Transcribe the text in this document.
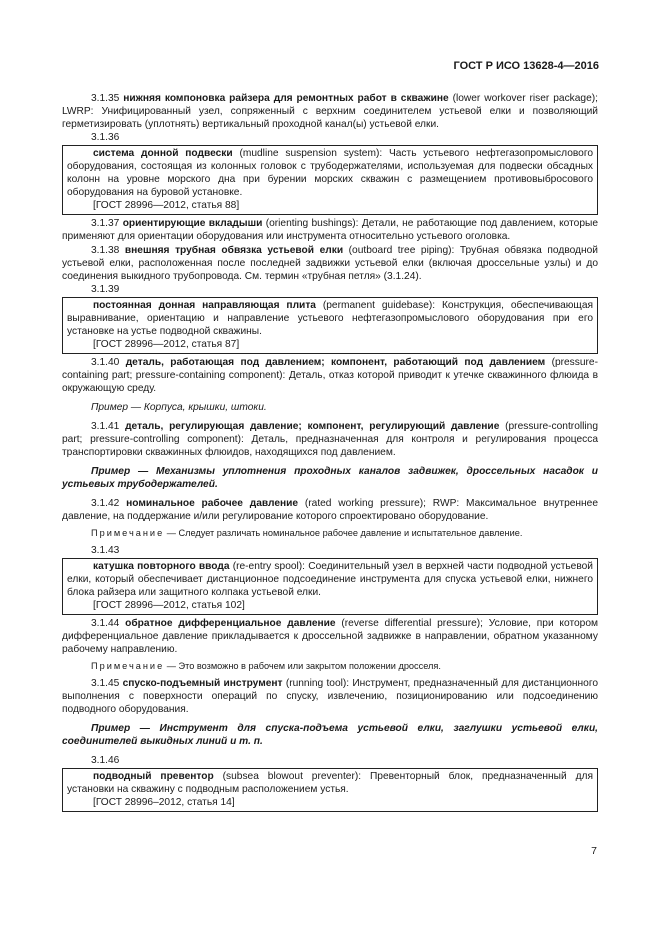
ГОСТ Р ИСО 13628-4—2016

3.1.35 нижняя компоновка райзера для ремонтных работ в скважине (lower workover riser package); LWRP: Унифицированный узел, сопряженный с верхним соединителем устьевой елки и позволяющий герметизировать (уплотнять) вертикальный проходной канал(ы) устьевой елки.

3.1.36

система донной подвески (mudline suspension system): Часть устьевого нефтегазопромыслового оборудования, состоящая из колонных головок с трубодержателями, используемая для подвески обсадных колонн на уровне морского дна при бурении морских скважин с размещением противовыбросового оборудования на буровой установке.

[ГОСТ 28996—2012, статья 88]

3.1.37 ориентирующие вкладыши (orienting bushings): Детали, не работающие под давлением, которые применяют для ориентации оборудования или инструмента относительно устьевого оголовка.

3.1.38 внешняя трубная обвязка устьевой елки (outboard tree piping): Трубная обвязка подводной устьевой елки, расположенная после последней задвижки устьевой елки (включая дроссельные узлы) и до соединения выкидного трубопровода. См. термин «трубная петля» (3.1.24).

3.1.39

постоянная донная направляющая плита (permanent guidebase): Конструкция, обеспечивающая выравнивание, ориентацию и направление устьевого нефтегазопромыслового оборудования при его установке на устье подводной скважины.

[ГОСТ 28996—2012, статья 87]

3.1.40 деталь, работающая под давлением; компонент, работающий под давлением (pressure-containing part; pressure-containing component): Деталь, отказ которой приводит к утечке скважинного флюида в окружающую среду.

Пример — Корпуса, крышки, штоки.

3.1.41 деталь, регулирующая давление; компонент, регулирующий давление (pressure-controlling part; pressure-controlling component): Деталь, предназначенная для контроля и регулирования процесса транспортировки скважинных флюидов, находящихся под давлением.

Пример — Механизмы уплотнения проходных каналов задвижек, дроссельных насадок и устьевых трубодержателей.

3.1.42 номинальное рабочее давление (rated working pressure); RWP: Максимальное внутреннее давление, на поддержание и/или регулирование которого спроектировано оборудование.

Примечание — Следует различать номинальное рабочее давление и испытательное давление.

3.1.43

катушка повторного ввода (re-entry spool): Соединительный узел в верхней части подводной устьевой елки, который обеспечивает дистанционное подсоединение инструмента для спуска устьевой елки, нижнего блока райзера или защитного колпака устьевой елки.

[ГОСТ 28996—2012, статья 102]

3.1.44 обратное дифференциальное давление (reverse differential pressure); Условие, при котором дифференциальное давление прикладывается к дроссельной задвижке в направлении, обратном указанному рабочему направлению.

Примечание — Это возможно в рабочем или закрытом положении дросселя.

3.1.45 спуско-подъемный инструмент (running tool): Инструмент, предназначенный для дистанционного выполнения с поверхности операций по спуску, извлечению, позиционированию или подсоединению подводного оборудования.

Пример — Инструмент для спуска-подъема устьевой елки, заглушки устьевой елки, соединителей выкидных линий и т. п.

3.1.46

подводный превентор (subsea blowout preventer): Превенторный блок, предназначенный для установки на скважину с подводным расположением устья.

[ГОСТ 28996–2012, статья 14]

7
